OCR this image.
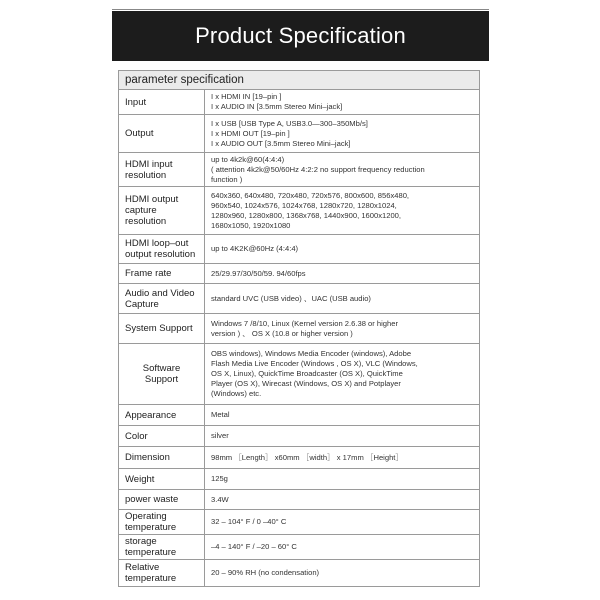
Product Specification
parameter specification	
Input	I x HDMI IN [19–pin ]
I x AUDIO IN [3.5mm Stereo Mini–jack]

Output	I x USB [USB Type A, USB3.0—300–350Mb/s]
I x HDMI OUT [19–pin ]
I x AUDIO OUT [3.5mm Stereo Mini–jack]

HDMI input resolution	up to 4k2k@60(4:4:4)
( attention 4k2k@50/60Hz 4:2:2 no support frequency reduction
function )

HDMI output capture resolution	640x360, 640x480, 720x480, 720x576, 800x600, 856x480,
960x540, 1024x576, 1024x768, 1280x720, 1280x1024,
1280x960, 1280x800, 1368x768, 1440x900, 1600x1200,
1680x1050, 1920x1080

HDMI loop–out output resolution	up to 4K2K@60Hz (4:4:4)

Frame rate	25/29.97/30/50/59. 94/60fps

Audio and Video Capture	standard UVC (USB video) 、UAC (USB audio)

System Support	Windows 7 /8/10, Linux (Kernel version 2.6.38 or higher
version ) 、 OS X (10.8 or higher version )

Software Support	OBS windows), Windows Media Encoder (windows), Adobe
Flash Media Live Encoder (Windows , OS X), VLC (Windows,
OS X, Linux), QuickTime Broadcaster (OS X), QuickTime
Player (OS X), Wirecast (Windows, OS X) and Potplayer
(Windows) etc.

Appearance	Metal

Color	silver

Dimension	98mm ［Length］ x60mm ［width］ x 17mm ［Height］

Weight	125g

power waste	3.4W

Operating temperature	32 – 104° F / 0 –40° C

storage temperature	–4 – 140° F / –20 – 60° C

Relative temperature	20 – 90% RH (no condensation)
